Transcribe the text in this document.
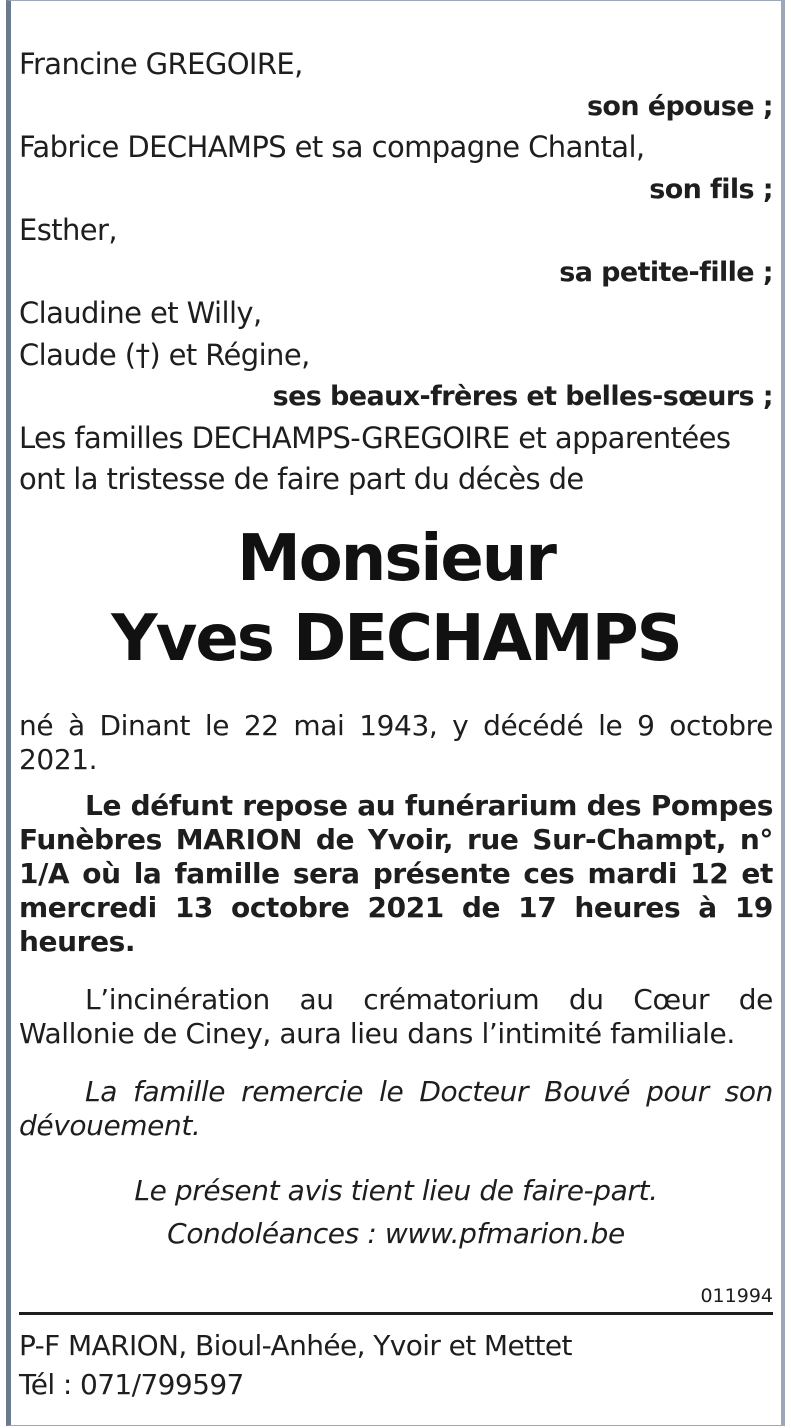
Francine GREGOIRE,
son épouse ;
Fabrice DECHAMPS et sa compagne Chantal,
son fils ;
Esther,
sa petite-fille ;
Claudine et Willy,
Claude (†) et Régine,
ses beaux-frères et belles-sœurs ;
Les familles DECHAMPS-GREGOIRE et apparentées
ont la tristesse de faire part du décès de
Monsieur
Yves DECHAMPS
né à Dinant le 22 mai 1943, y décédé le 9 octobre 2021.
Le défunt repose au funérarium des Pompes Funèbres MARION de Yvoir, rue Sur-Champt, n° 1/A où la famille sera présente ces mardi 12 et mercredi 13 octobre 2021 de 17 heures à 19 heures.
L’incinération au crématorium du Cœur de Wallonie de Ciney, aura lieu dans l’intimité familiale.
La famille remercie le Docteur Bouvé pour son dévouement.
Le présent avis tient lieu de faire-part.
Condoléances : www.pfmarion.be
011994
P-F MARION, Bioul-Anhée, Yvoir et Mettet
Tél : 071/799597
